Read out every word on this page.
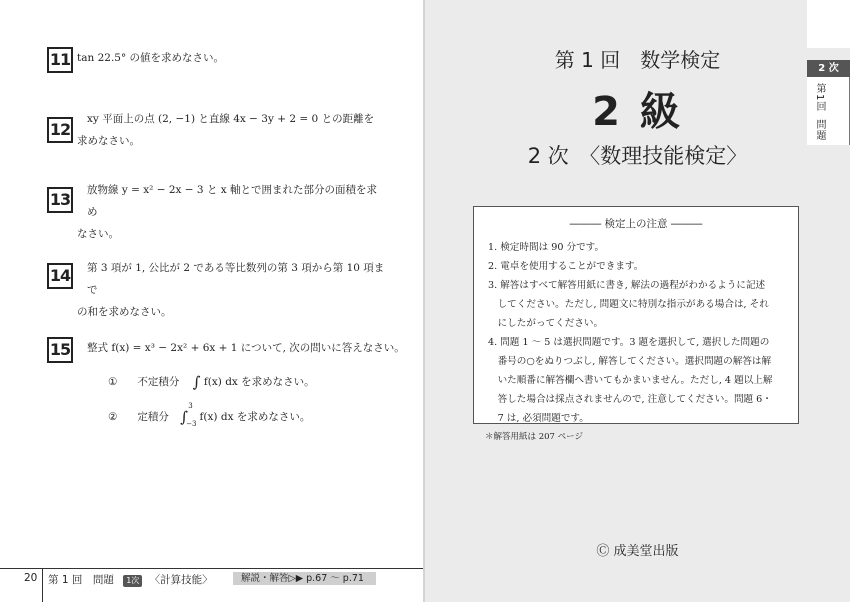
11 tan 22.5° の値を求めなさい。
12
xy 平面上の点 (2, −1) と直線 4x − 3y + 2 = 0 との距離を
求めなさい。
13	放物線 y = x² − 2x − 3 と x 軸とで囲まれた部分の面積を求め
なさい。
14	第 3 項が 1, 公比が 2 である等比数列の第 3 項から第 10 項まで
の和を求めなさい。
15	整式 f(x) = x³ − 2x² + 6x + 1 について, 次の問いに答えなさい。
① 不定積分 ∫ f(x) dx を求めなさい。
② 定積分 ∫
3
−3
f(x) dx を求めなさい。
20 第 1 回　問題 1次 〈計算技能〉	解説・解答▷▶ p.67 〜 p.71
第 1 回　数学検定
2 級
2 次　〈数理技能検定〉
――― 検定上の注意 ―――
1. 検定時間は 90 分です。
2. 電卓を使用することができます。
3. 解答はすべて解答用紙に書き, 解法の過程がわかるように記述
　してください。ただし, 問題文に特別な指示がある場合は, それ
　にしたがってください。
4. 問題 1 〜 5 は選択問題です。3 題を選択して, 選択した問題の
　番号の○をぬりつぶし, 解答してください。選択問題の解答は解
　いた順番に解答欄へ書いてもかまいません。ただし, 4 題以上解
　答した場合は採点されませんので, 注意してください。問題 6・
　7 は, 必須問題です。
＊解答用紙は 207 ページ
Ⓒ 成美堂出版
2 次
第1回
問題
